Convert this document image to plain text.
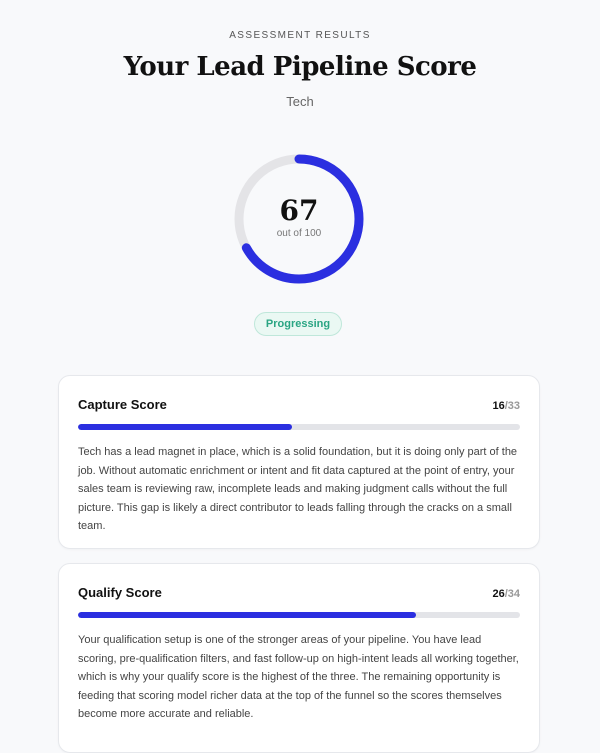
ASSESSMENT RESULTS
Your Lead Pipeline Score
Tech
67
out of 100
Progressing
Capture Score	16/33

Tech has a lead magnet in place, which is a solid foundation, but it is doing only part of the job. Without automatic enrichment or intent and fit data captured at the point of entry, your sales team is reviewing raw, incomplete leads and making judgment calls without the full picture. This gap is likely a direct contributor to leads falling through the cracks on a small team.

Qualify Score	26/34

Your qualification setup is one of the stronger areas of your pipeline. You have lead scoring, pre-qualification filters, and fast follow-up on high-intent leads all working together, which is why your qualify score is the highest of the three. The remaining opportunity is feeding that scoring model richer data at the top of the funnel so the scores themselves become more accurate and reliable.
